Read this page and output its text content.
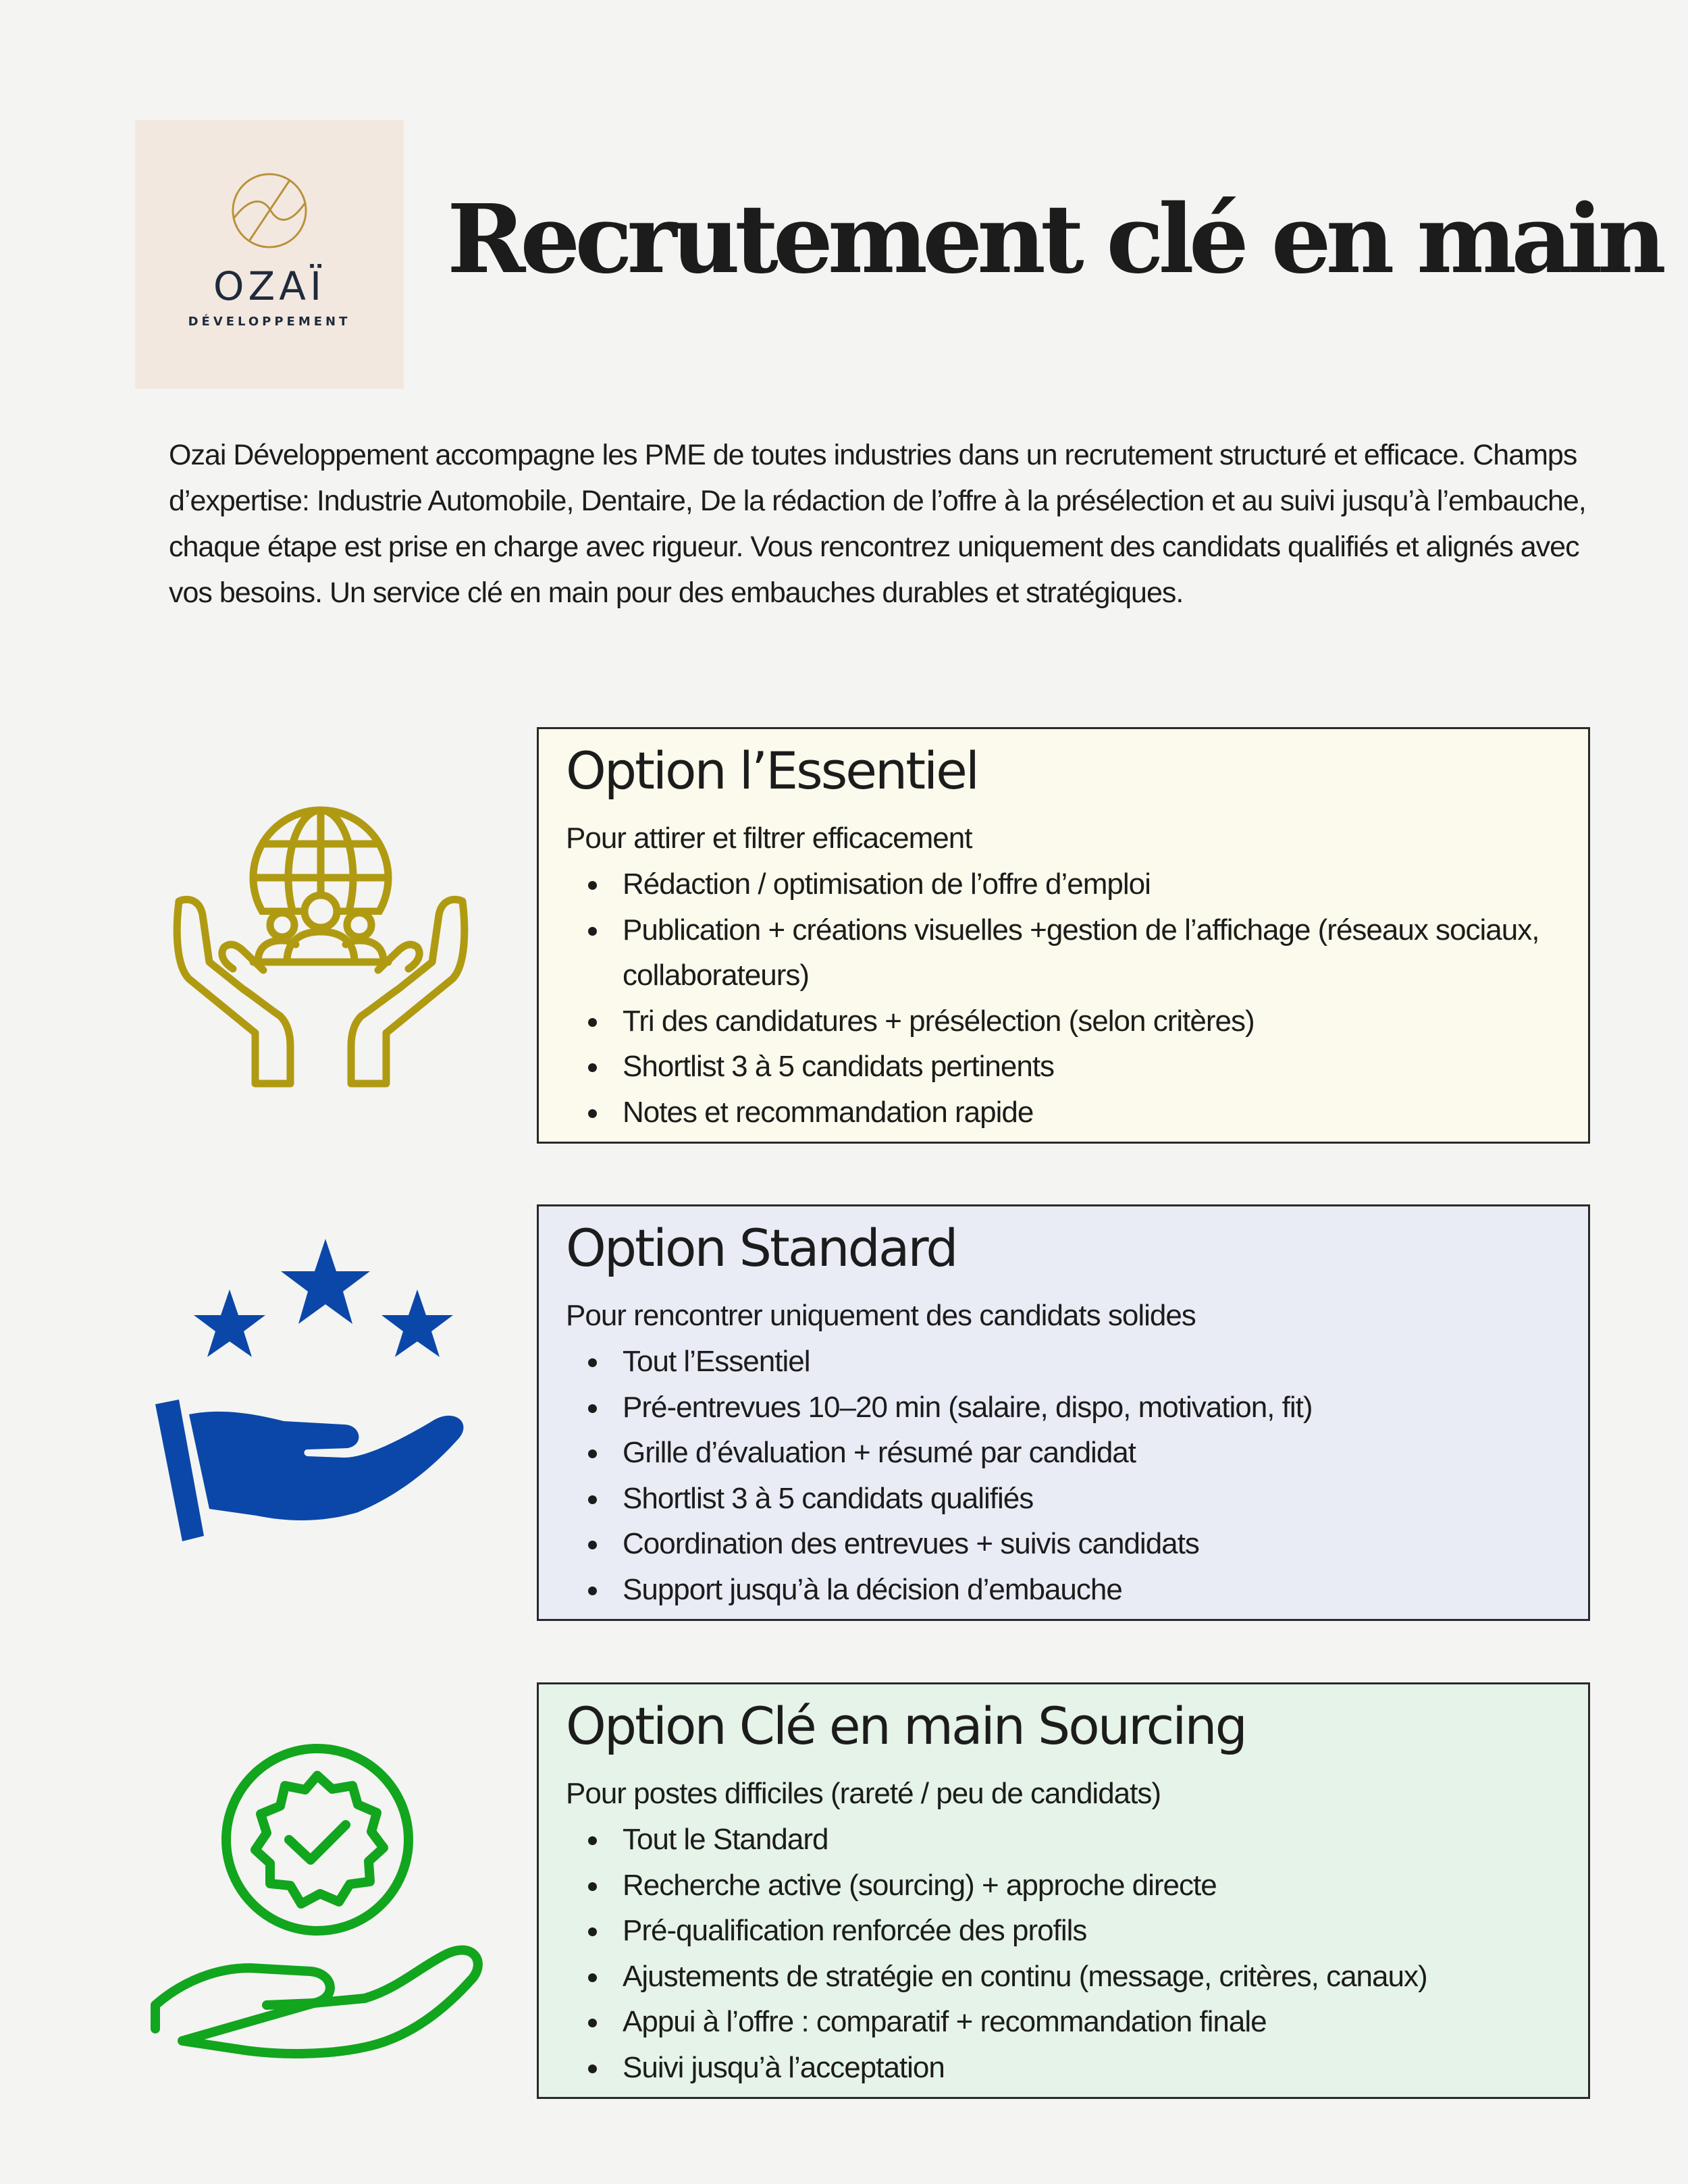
OZAÏ
DÉVELOPPEMENT
Recrutement clé en main

Ozai Développement accompagne les PME de toutes industries dans un recrutement structuré et efficace. Champs d’expertise: Industrie Automobile, Dentaire, De la rédaction de l’offre à la présélection et au suivi jusqu’à l’embauche, chaque étape est prise en charge avec rigueur. Vous rencontrez uniquement des candidats qualifiés et alignés avec vos besoins. Un service clé en main pour des embauches durables et stratégiques.

Option l’Essentiel

Pour attirer et filtrer efficacement

Rédaction / optimisation de l’offre d’emploi
Publication + créations visuelles +gestion de l’affichage (réseaux sociaux, collaborateurs)
Tri des candidatures + présélection (selon critères)
Shortlist 3 à 5 candidats pertinents
Notes et recommandation rapide
Option Standard

Pour rencontrer uniquement des candidats solides

Tout l’Essentiel
Pré-entrevues 10–20 min (salaire, dispo, motivation, fit)
Grille d’évaluation + résumé par candidat
Shortlist 3 à 5 candidats qualifiés
Coordination des entrevues + suivis candidats
Support jusqu’à la décision d’embauche
Option Clé en main Sourcing

Pour postes difficiles (rareté / peu de candidats)

Tout le Standard
Recherche active (sourcing) + approche directe
Pré-qualification renforcée des profils
Ajustements de stratégie en continu (message, critères, canaux)
Appui à l’offre : comparatif + recommandation finale
Suivi jusqu’à l’acceptation
